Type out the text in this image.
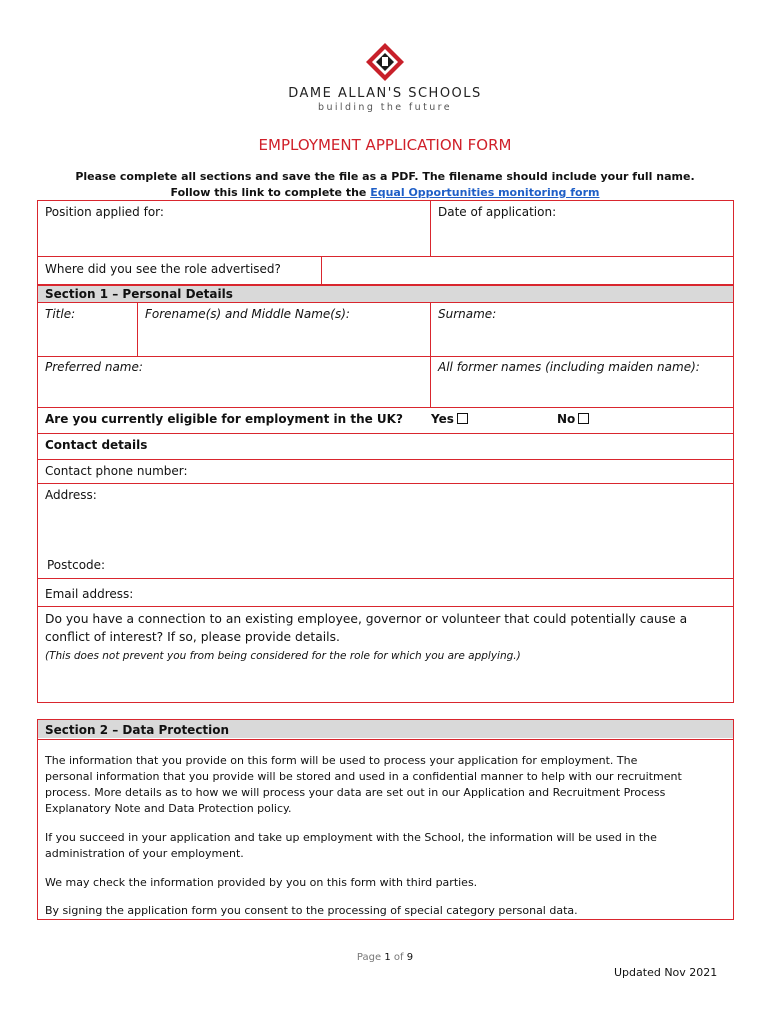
DAME ALLAN'S SCHOOLS
building the future
EMPLOYMENT APPLICATION FORM
Please complete all sections and save the file as a PDF. The filename should include your full name.
Follow this link to complete the Equal Opportunities monitoring form
Position applied for:	Date of application:
Where did you see the role advertised?
Section 1 – Personal Details
Title:	Forename(s) and Middle Name(s):	Surname:
Preferred name:	All former names (including maiden name):
Are you currently eligible for employment in the UK?	Yes	No
Contact details
Contact phone number:
Address:
Postcode:
Email address:
Do you have a connection to an existing employee, governor or volunteer that could potentially cause a
conflict of interest? If so, please provide details.
(This does not prevent you from being considered for the role for which you are applying.)
Section 2 – Data Protection
The information that you provide on this form will be used to process your application for employment. The
personal information that you provide will be stored and used in a confidential manner to help with our recruitment
process. More details as to how we will process your data are set out in our Application and Recruitment Process
Explanatory Note and Data Protection policy.
If you succeed in your application and take up employment with the School, the information will be used in the
administration of your employment.
We may check the information provided by you on this form with third parties.
By signing the application form you consent to the processing of special category personal data.
Page 1 of 9
Updated Nov 2021
